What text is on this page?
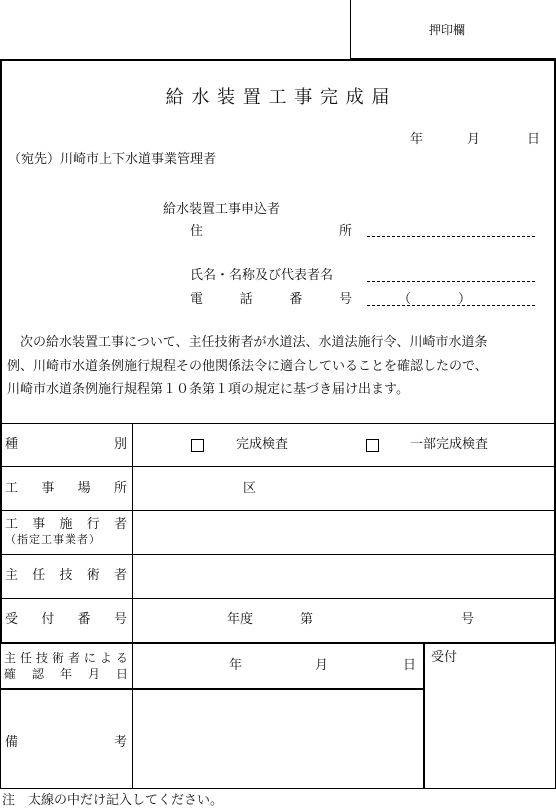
押印欄
給 水 装 置 工 事 完 成 届
年	月	日
（宛先）川崎市上下水道事業管理者
給水装置工事申込者
住	所
氏名・名称及び代表者名
電	話	番	号	（	）
次の給水装置工事について、主任技術者が水道法、水道法施行令、川崎市水道条
例、川崎市水道条例施行規程その他関係法令に適合していることを確認したので、
川崎市水道条例施行規程第１０条第１項の規定に基づき届け出ます。
種	別	完成検査	一部完成検査
工 事 場 所	区
工 事 施 行 者
（指定工事業者）
主 任 技 術 者
受 付 番 号	年度	第	号
主 任 技 術 者 に よ る
確 認 年 月 日
年	月	日
受付
備	考
注　太線の中だけ記入してください。
